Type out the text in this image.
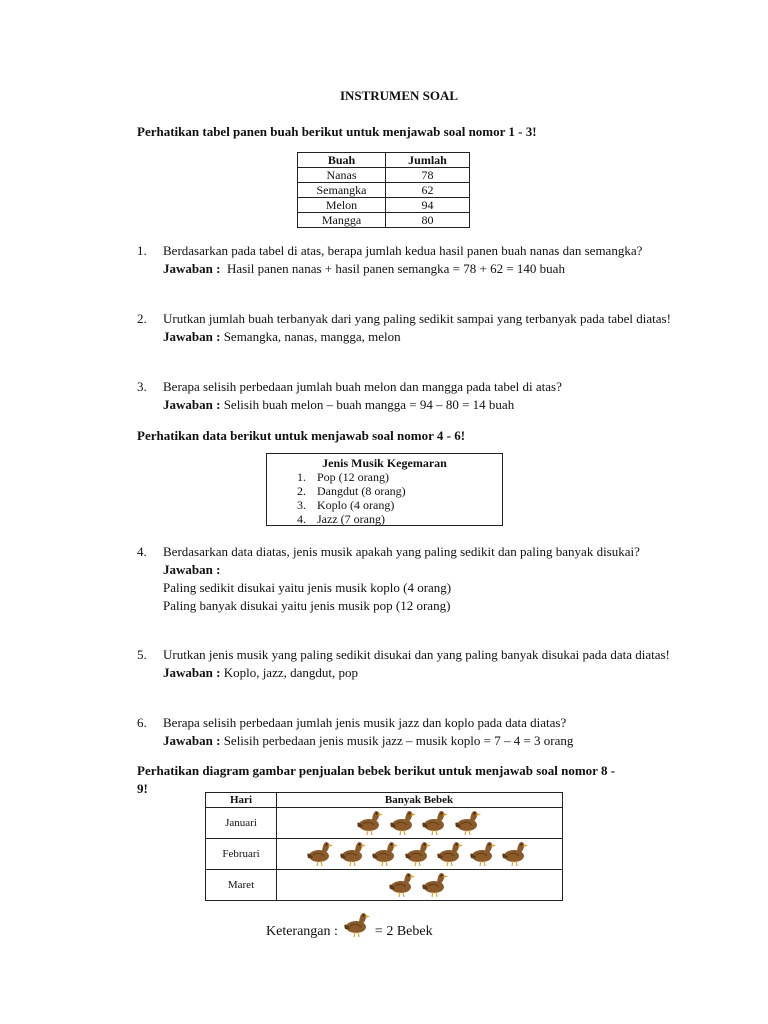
INSTRUMEN SOAL
Perhatikan tabel panen buah berikut untuk menjawab soal nomor 1 - 3!
Buah	Jumlah
Nanas	78
Semangka	62
Melon	94
Mangga	80
1. Berdasarkan pada tabel di atas, berapa jumlah kedua hasil panen buah nanas dan semangka?
Jawaban : Hasil panen nanas + hasil panen semangka = 78 + 62 = 140 buah
2. Urutkan jumlah buah terbanyak dari yang paling sedikit sampai yang terbanyak pada tabel diatas!
Jawaban : Semangka, nanas, mangga, melon
3. Berapa selisih perbedaan jumlah buah melon dan mangga pada tabel di atas?
Jawaban : Selisih buah melon – buah mangga = 94 – 80 = 14 buah
Perhatikan data berikut untuk menjawab soal nomor 4 - 6!
Jenis Musik Kegemaran
1. Pop (12 orang)
2. Dangdut (8 orang)
3. Koplo (4 orang)
4. Jazz (7 orang)
4. Berdasarkan data diatas, jenis musik apakah yang paling sedikit dan paling banyak disukai?
Jawaban :
Paling sedikit disukai yaitu jenis musik koplo (4 orang)
Paling banyak disukai yaitu jenis musik pop (12 orang)
5. Urutkan jenis musik yang paling sedikit disukai dan yang paling banyak disukai pada data diatas!
Jawaban : Koplo, jazz, dangdut, pop
6. Berapa selisih perbedaan jumlah jenis musik jazz dan koplo pada data diatas?
Jawaban : Selisih perbedaan jenis musik jazz – musik koplo = 7 – 4 = 3 orang
Perhatikan diagram gambar penjualan bebek berikut untuk menjawab soal nomor 8 -
9!
Hari	Banyak Bebek
Januari
Februari
Maret
Keterangan :	= 2 Bebek
